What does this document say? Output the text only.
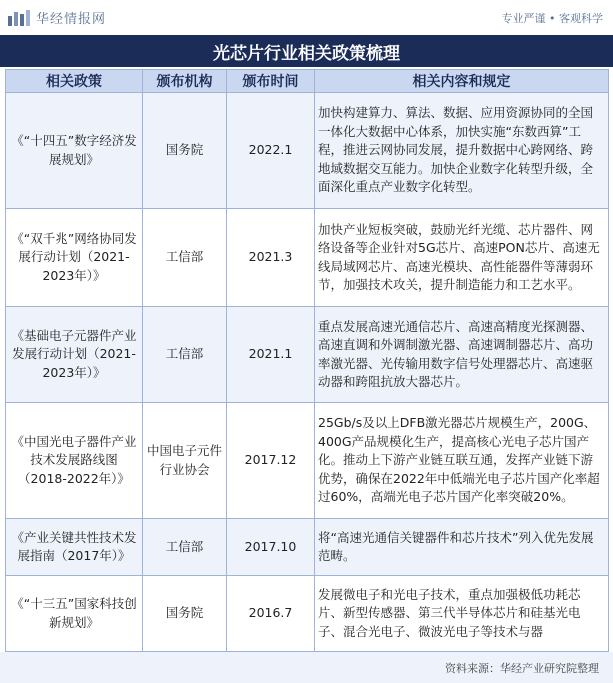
华经情报网	专业严谨 • 客观科学
光芯片行业相关政策梳理
相关政策	颁布机构	颁布时间	相关内容和规定
《“十四五”数字经济发展规划》	国务院	2022.1	加快构建算力、算法、数据、应用资源协同的全国一体化大数据中心体系，加快实施“东数西算”工程，推进云网协同发展，提升数据中心跨网络、跨地域数据交互能力。加快企业数字化转型升级，全面深化重点产业数字化转型。
《“双千兆”网络协同发展行动计划（2021-2023年）》	工信部	2021.3	加快产业短板突破，鼓励光纤光缆、芯片器件、网络设备等企业针对5G芯片、高速PON芯片、高速无线局域网芯片、高速光模块、高性能器件等薄弱环节，加强技术攻关，提升制造能力和工艺水平。
《基础电子元器件产业发展行动计划（2021-2023年）》	工信部	2021.1	重点发展高速光通信芯片、高速高精度光探测器、高速直调和外调制激光器、高速调制器芯片、高功率激光器、光传输用数字信号处理器芯片、高速驱动器和跨阻抗放大器芯片。
《中国光电子器件产业技术发展路线图（2018-2022年）》	中国电子元件行业协会	2017.12	25Gb/s及以上DFB激光器芯片规模生产，200G、400G产品规模化生产，提高核心光电子芯片国产化。推动上下游产业链互联互通，发挥产业链下游优势，确保在2022年中低端光电子芯片国产化率超过60%，高端光电子芯片国产化率突破20%。
《产业关键共性技术发展指南（2017年）》	工信部	2017.10	将“高速光通信关键器件和芯片技术”列入优先发展范畴。
《“十三五”国家科技创新规划》	国务院	2016.7	发展微电子和光电子技术，重点加强极低功耗芯片、新型传感器、第三代半导体芯片和硅基光电子、混合光电子、微波光电子等技术与器
资料来源：华经产业研究院整理
